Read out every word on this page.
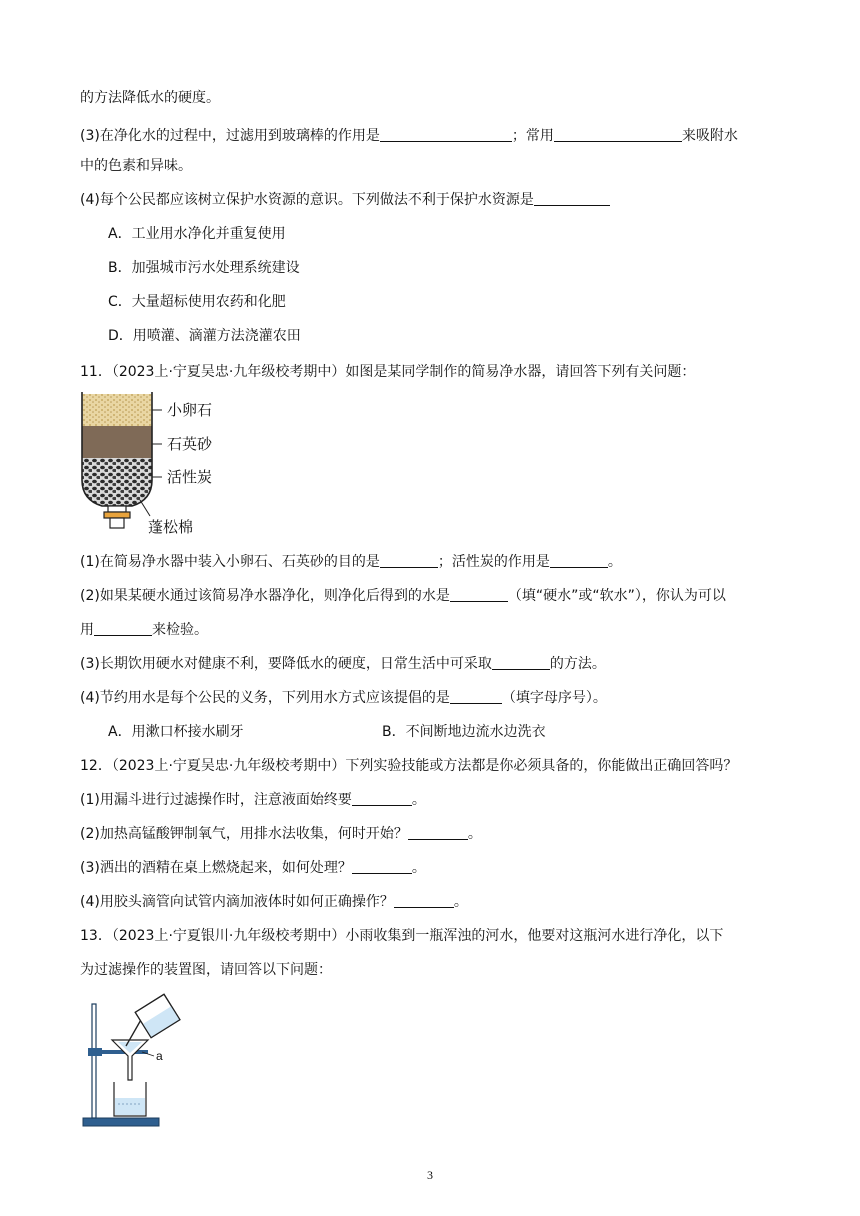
的方法降低水的硬度。
(3)在净化水的过程中，过滤用到玻璃棒的作用是	；常用	来吸附水
中的色素和异味。
(4)每个公民都应该树立保护水资源的意识。下列做法不利于保护水资源是
A．工业用水净化并重复使用
B．加强城市污水处理系统建设
C．大量超标使用农药和化肥
D．用喷灌、滴灌方法浇灌农田
11．（2023上·宁夏吴忠·九年级校考期中）如图是某同学制作的简易净水器，请回答下列有关问题：
小卵石
石英砂
活性炭
蓬松棉
(1)在简易净水器中装入小卵石、石英砂的目的是	；活性炭的作用是	。
(2)如果某硬水通过该简易净水器净化，则净化后得到的水是	（填“硬水”或“软水”），你认为可以
用	来检验。
(3)长期饮用硬水对健康不利，要降低水的硬度，日常生活中可采取	的方法。
(4)节约用水是每个公民的义务，下列用水方式应该提倡的是	（填字母序号）。
A．用漱口杯接水刷牙	B．不间断地边流水边洗衣
12．（2023上·宁夏吴忠·九年级校考期中）下列实验技能或方法都是你必须具备的，你能做出正确回答吗？
(1)用漏斗进行过滤操作时，注意液面始终要	。
(2)加热高锰酸钾制氧气，用排水法收集，何时开始？	。
(3)洒出的酒精在桌上燃烧起来，如何处理？	。
(4)用胶头滴管向试管内滴加液体时如何正确操作？	。
13．（2023上·宁夏银川·九年级校考期中）小雨收集到一瓶浑浊的河水，他要对这瓶河水进行净化，以下
为过滤操作的装置图，请回答以下问题：
a
3
